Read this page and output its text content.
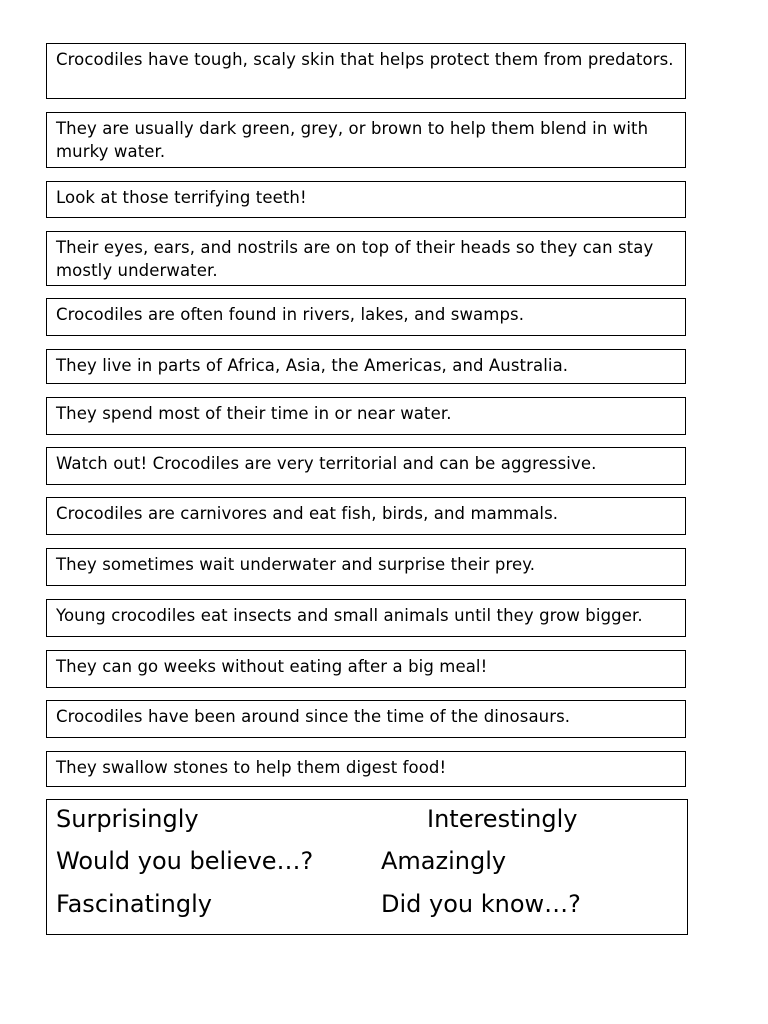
Crocodiles have tough, scaly skin that helps protect them from predators.
They are usually dark green, grey, or brown to help them blend in with murky water.
Look at those terrifying teeth!
Their eyes, ears, and nostrils are on top of their heads so they can stay mostly underwater.
Crocodiles are often found in rivers, lakes, and swamps.
They live in parts of Africa, Asia, the Americas, and Australia.
They spend most of their time in or near water.
Watch out! Crocodiles are very territorial and can be aggressive.
Crocodiles are carnivores and eat fish, birds, and mammals.
They sometimes wait underwater and surprise their prey.
Young crocodiles eat insects and small animals until they grow bigger.
They can go weeks without eating after a big meal!
Crocodiles have been around since the time of the dinosaurs.
They swallow stones to help them digest food!
Surprisingly	Interestingly
Would you believe…?	Amazingly
Fascinatingly	Did you know…?
